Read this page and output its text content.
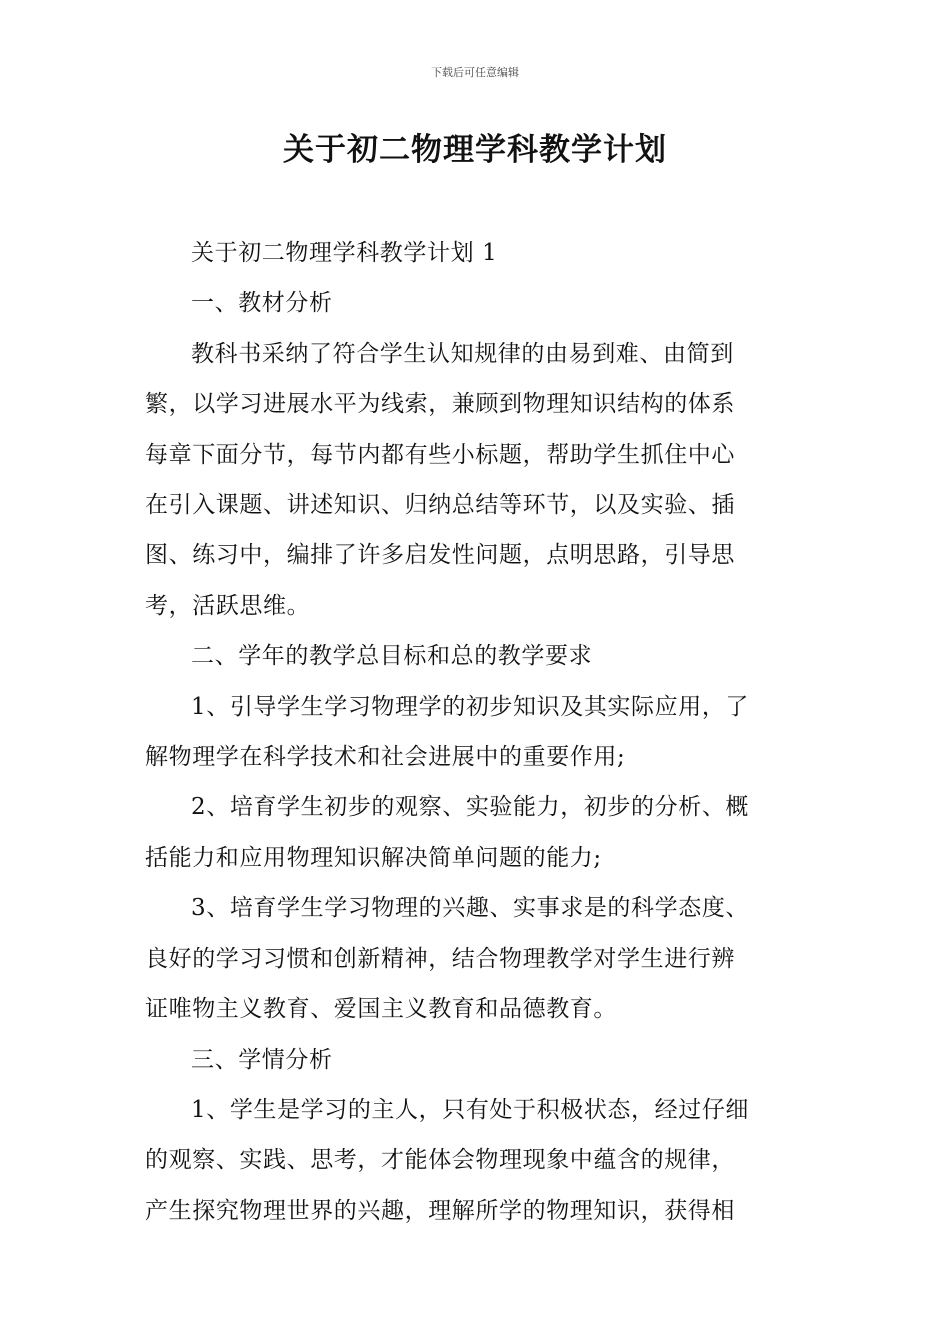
下载后可任意编辑
关于初二物理学科教学计划

关于初二物理学科教学计划 1

一、教材分析

教科书采纳了符合学生认知规律的由易到难、由简到
繁，以学习进展水平为线索，兼顾到物理知识结构的体系
每章下面分节，每节内都有些小标题，帮助学生抓住中心
在引入课题、讲述知识、归纳总结等环节，以及实验、插
图、练习中，编排了许多启发性问题，点明思路，引导思
考，活跃思维。

二、学年的教学总目标和总的教学要求

1、引导学生学习物理学的初步知识及其实际应用，了
解物理学在科学技术和社会进展中的重要作用;

2、培育学生初步的观察、实验能力，初步的分析、概
括能力和应用物理知识解决简单问题的能力;

3、培育学生学习物理的兴趣、实事求是的科学态度、
良好的学习习惯和创新精神，结合物理教学对学生进行辨
证唯物主义教育、爱国主义教育和品德教育。

三、学情分析

1、学生是学习的主人，只有处于积极状态，经过仔细
的观察、实践、思考，才能体会物理现象中蕴含的规律，
产生探究物理世界的兴趣，理解所学的物理知识，获得相
